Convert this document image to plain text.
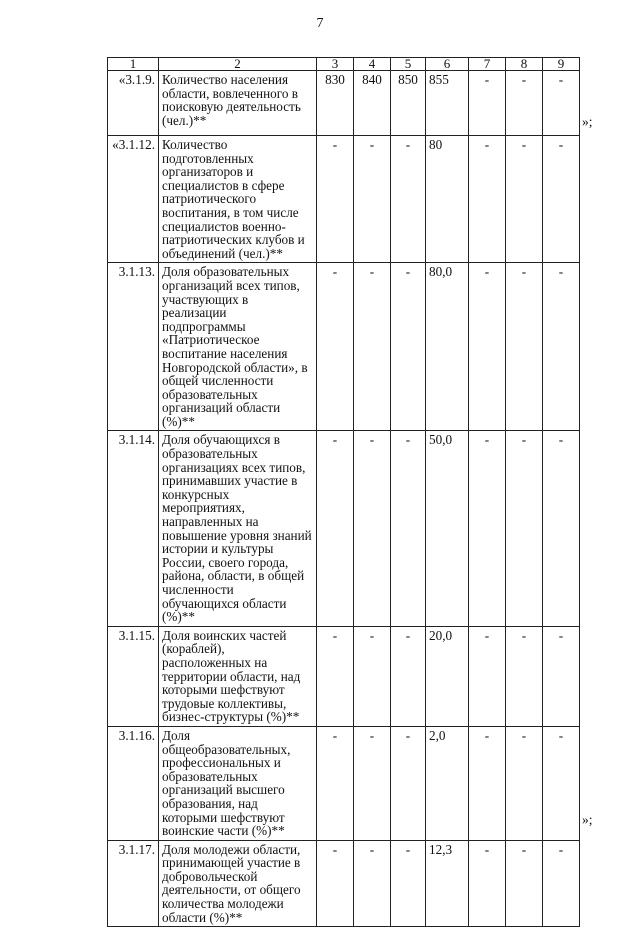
7
1	2	3	4	5	6	7	8	9
«3.1.9.	Количество населения области, вовлеченного в поисковую деятельность (чел.)**	830	840	850	855	-	-	-
«3.1.12.	Количество подготовленных организаторов и специалистов в сфере патриотического воспитания, в том числе специалистов военно-патриотических клубов и объединений (чел.)**	-	-	-	80	-	-	-
3.1.13.	Доля образовательных организаций всех типов, участвующих в реализации подпрограммы «Патриотическое воспитание населения Новгородской области», в общей численности образовательных организаций области (%)**	-	-	-	80,0	-	-	-
3.1.14.	Доля обучающихся в образовательных организациях всех типов, принимавших участие в конкурсных мероприятиях, направленных на повышение уровня знаний истории и культуры России, своего города, района, области, в общей численности обучающихся области (%)**	-	-	-	50,0	-	-	-
3.1.15.	Доля воинских частей (кораблей), расположенных на территории области, над которыми шефствуют трудовые коллективы, бизнес-структуры (%)**	-	-	-	20,0	-	-	-
3.1.16.	Доля общеобразовательных, профессиональных и образовательных организаций высшего образования, над которыми шефствуют воинские части (%)**	-	-	-	2,0	-	-	-
3.1.17.	Доля молодежи области, принимающей участие в добровольческой деятельности, от общего количества молодежи области (%)**	-	-	-	12,3	-	-	-
»;
»;
